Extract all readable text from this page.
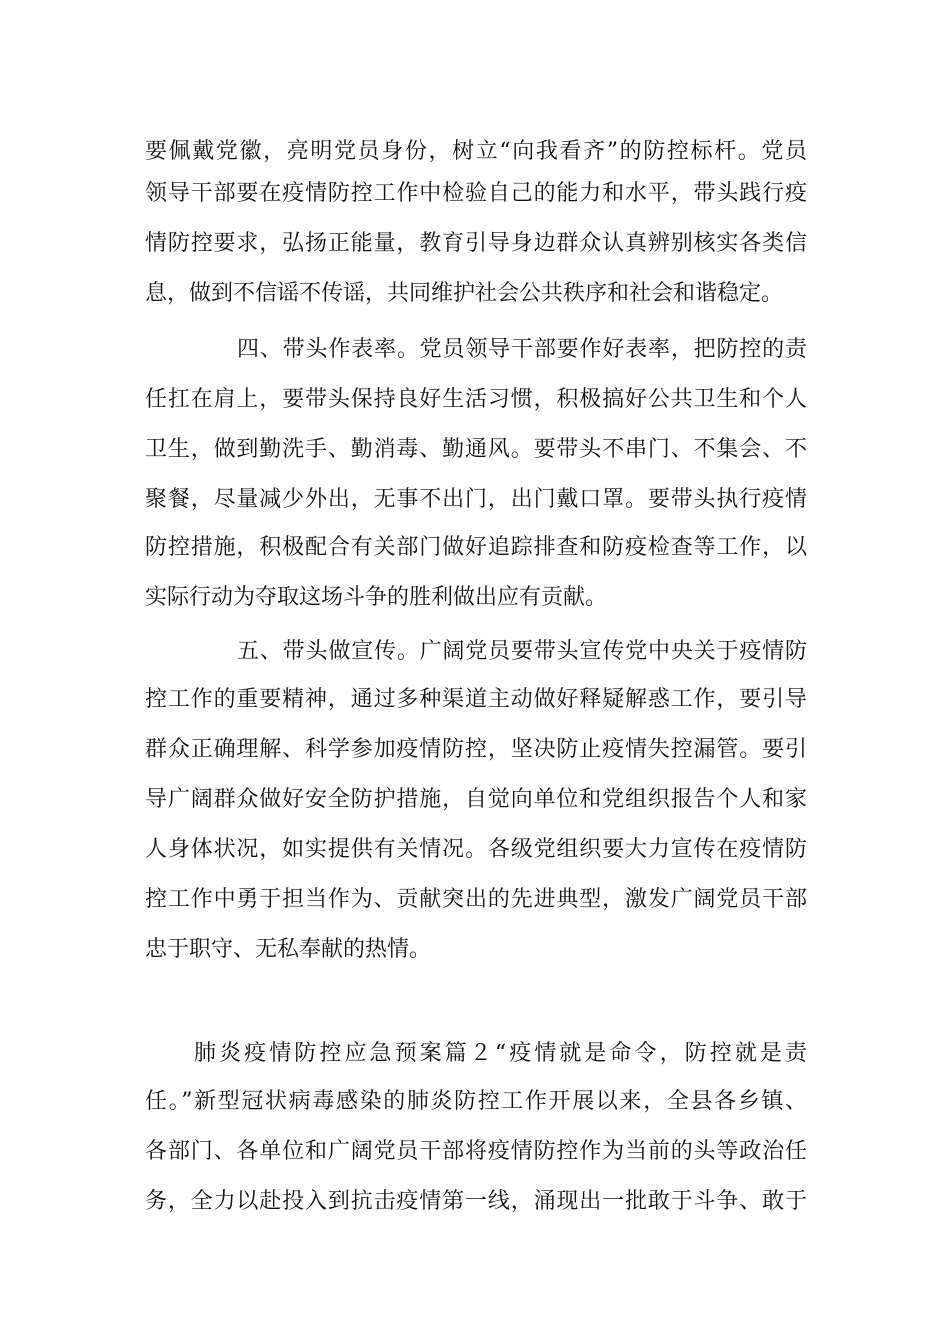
要佩戴党徽，亮明党员身份，树立“向我看齐”的防控标杆。党员
领导干部要在疫情防控工作中检验自己的能力和水平，带头践行疫
情防控要求，弘扬正能量，教育引导身边群众认真辨别核实各类信
息，做到不信谣不传谣，共同维护社会公共秩序和社会和谐稳定。
四、带头作表率。党员领导干部要作好表率，把防控的责
任扛在肩上，要带头保持良好生活习惯，积极搞好公共卫生和个人
卫生，做到勤洗手、勤消毒、勤通风。要带头不串门、不集会、不
聚餐，尽量减少外出，无事不出门，出门戴口罩。要带头执行疫情
防控措施，积极配合有关部门做好追踪排查和防疫检查等工作，以
实际行动为夺取这场斗争的胜利做出应有贡献。
五、带头做宣传。广阔党员要带头宣传党中央关于疫情防
控工作的重要精神，通过多种渠道主动做好释疑解惑工作，要引导
群众正确理解、科学参加疫情防控，坚决防止疫情失控漏管。要引
导广阔群众做好安全防护措施，自觉向单位和党组织报告个人和家
人身体状况，如实提供有关情况。各级党组织要大力宣传在疫情防
控工作中勇于担当作为、贡献突出的先进典型，激发广阔党员干部
忠于职守、无私奉献的热情。
肺炎疫情防控应急预案篇２“疫情就是命令，防控就是责
任。”新型冠状病毒感染的肺炎防控工作开展以来，全县各乡镇、
各部门、各单位和广阔党员干部将疫情防控作为当前的头等政治任
务，全力以赴投入到抗击疫情第一线，涌现出一批敢于斗争、敢于
